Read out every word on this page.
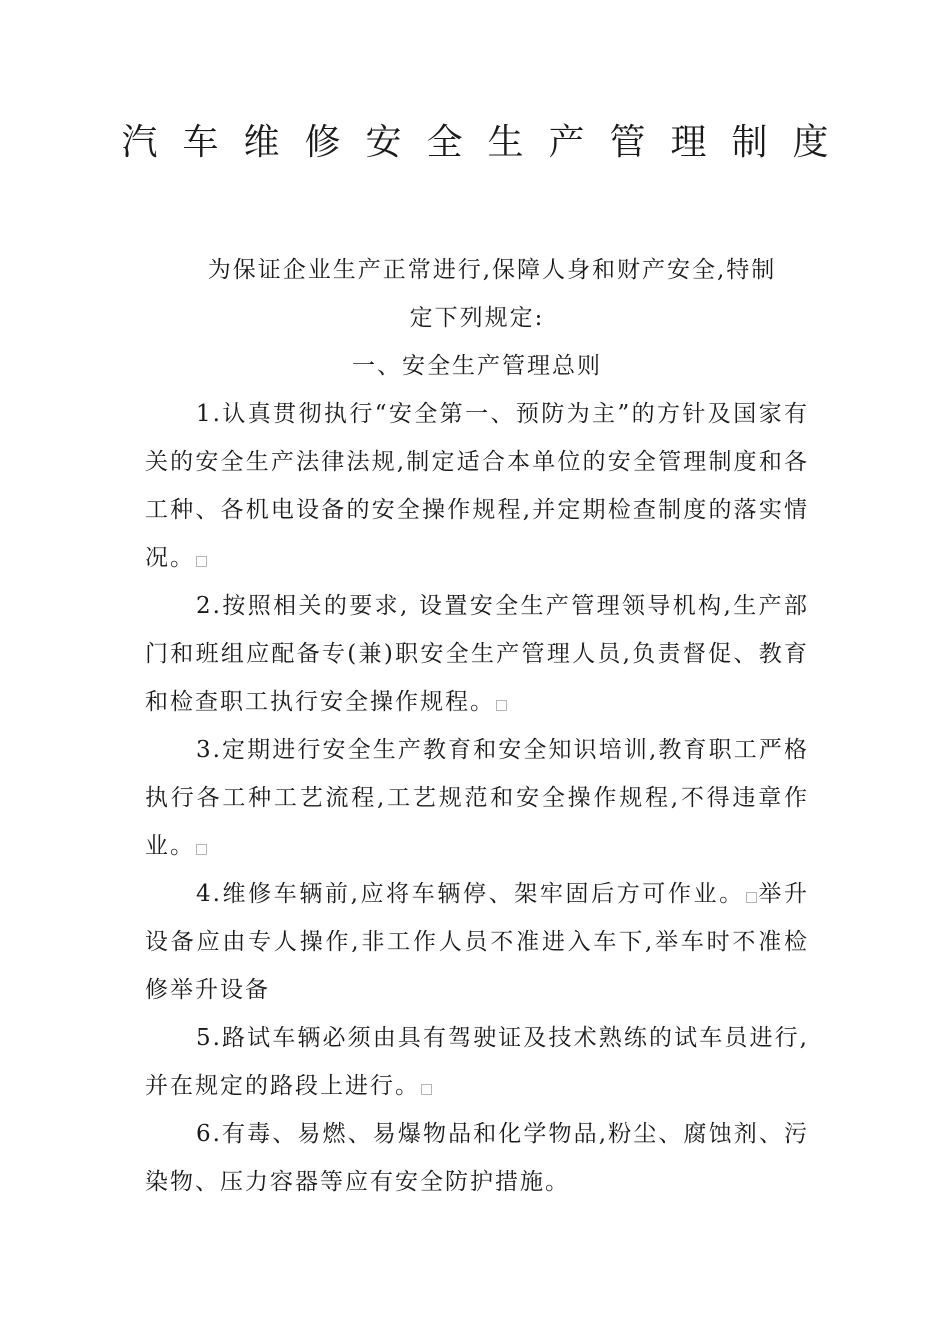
汽车维修安全生产管理制度

为保证企业生产正常进行,保障人身和财产安全,特制

定下列规定:

一、安全生产管理总则

1.认真贯彻执行“安全第一、预防为主”的方针及国家有关的安全生产法律法规,制定适合本单位的安全管理制度和各工种、各机电设备的安全操作规程,并定期检查制度的落实情况。

2.按照相关的要求, 设置安全生产管理领导机构,生产部门和班组应配备专(兼)职安全生产管理人员,负责督促、教育和检查职工执行安全操作规程。

3.定期进行安全生产教育和安全知识培训,教育职工严格执行各工种工艺流程,工艺规范和安全操作规程,不得违章作业。

4.维修车辆前,应将车辆停、架牢固后方可作业。 举升设备应由专人操作,非工作人员不准进入车下,举车时不准检修举升设备

5.路试车辆必须由具有驾驶证及技术熟练的试车员进行,并在规定的路段上进行。

6.有毒、易燃、易爆物品和化学物品,粉尘、腐蚀剂、污染物、压力容器等应有安全防护措施。
